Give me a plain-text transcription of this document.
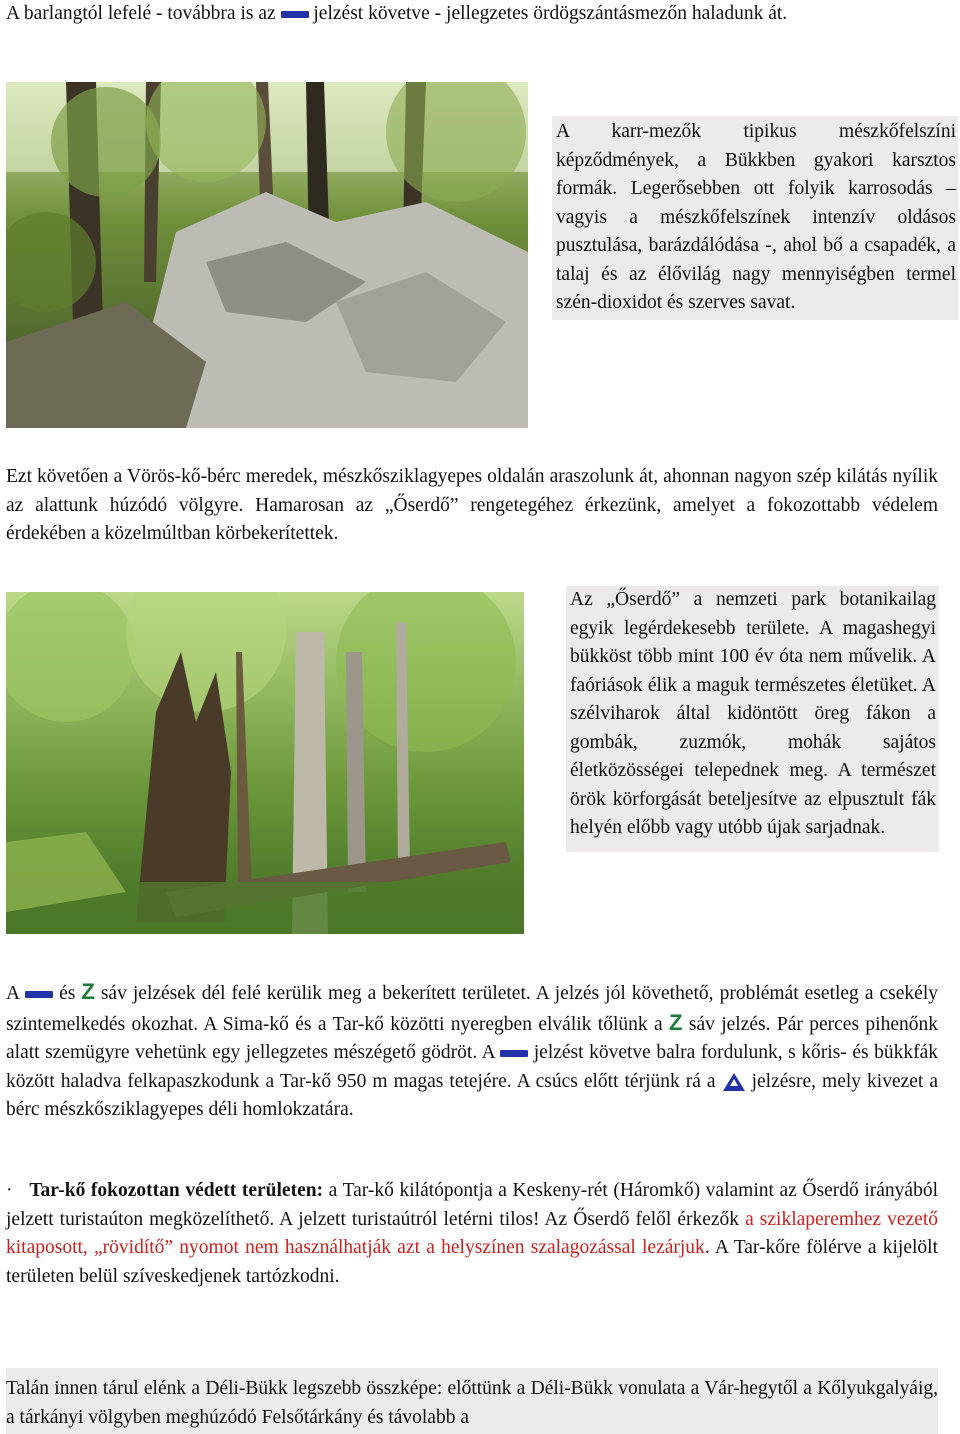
A barlangtól lefelé - továbbra is az  jelzést követve - jellegzetes ördögszántásmezőn haladunk át.
A karr-mezők tipikus mészkőfelszíni képződmények, a Bükkben gyakori karsztos formák. Legerősebben ott folyik karrosodás – vagyis a mészkőfelszínek intenzív oldásos pusztulása, barázdálódása -, ahol bő a csapadék, a talaj és az élővilág nagy mennyiségben termel szén-dioxidot és szerves savat.
Ezt követően a Vörös-kő-bérc meredek, mészkősziklagyepes oldalán araszolunk át, ahonnan nagyon szép kilátás nyílik az alattunk húzódó völgyre. Hamarosan az „Őserdő” rengetegéhez érkezünk, amelyet a fokozottabb védelem érdekében a közelmúltban körbekerítettek.
Az „Őserdő” a nemzeti park botanikailag egyik legérdekesebb területe. A magashegyi bükköst több mint 100 év óta nem művelik. A faóriások élik a maguk természetes életüket. A szélviharok által kidöntött öreg fákon a gombák, zuzmók, mohák sajátos életközösségei telepednek meg. A természet örök körforgását beteljesítve az elpusztult fák helyén előbb vagy utóbb újak sarjadnak.
A  és Z sáv jelzések dél felé kerülik meg a bekerített területet. A jelzés jól követhető, problémát esetleg a csekély szintemelkedés okozhat. A Sima-kő és a Tar-kő közötti nyeregben elválik tőlünk a Z sáv jelzés. Pár perces pihenőnk alatt szemügyre vehetünk egy jellegzetes mészégető gödröt. A  jelzést követve balra fordulunk, s kőris- és bükkfák között haladva felkapaszkodunk a Tar-kő 950 m magas tetejére. A csúcs előtt térjünk rá a  jelzésre, mely kivezet a bérc mészkősziklagyepes déli homlokzatára.
· Tar-kő fokozottan védett területen: a Tar-kő kilátópontja a Keskeny-rét (Háromkő) valamint az Őserdő irányából jelzett turistaúton megközelíthető. A jelzett turistaútról letérni tilos! Az Őserdő felől érkezők a sziklaperemhez vezető kitaposott, „rövidítő” nyomot nem használhatják azt a helyszínen szalagozással lezárjuk. A Tar-kőre fölérve a kijelölt területen belül szíveskedjenek tartózkodni.
Talán innen tárul elénk a Déli-Bükk legszebb összképe: előttünk a Déli-Bükk vonulata a Vár-hegytől a Kőlyukgalyáig, a tárkányi völgyben meghúzódó Felsőtárkány és távolabb a
